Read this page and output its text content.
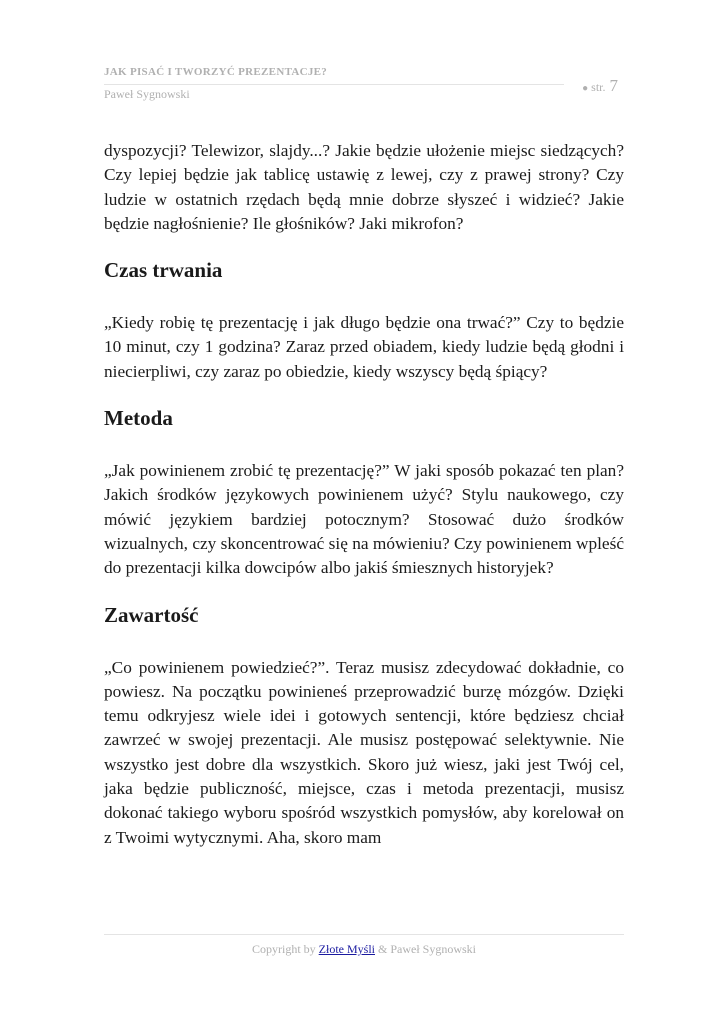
JAK PISAĆ I TWORZYĆ PREZENTACJE?
Paweł Sygnowski	● str. 7

dyspozycji? Telewizor, slajdy...? Jakie będzie ułożenie miejsc siedzących? Czy lepiej będzie jak tablicę ustawię z lewej, czy z prawej strony? Czy ludzie w ostatnich rzędach będą mnie dobrze słyszeć i widzieć? Jakie będzie nagłośnienie? Ile głośników? Jaki mikrofon?

Czas trwania

„Kiedy robię tę prezentację i jak długo będzie ona trwać?” Czy to będzie 10 minut, czy 1 godzina? Zaraz przed obiadem, kiedy ludzie będą głodni i niecierpliwi, czy zaraz po obiedzie, kiedy wszyscy będą śpiący?

Metoda

„Jak powinienem zrobić tę prezentację?” W jaki sposób pokazać ten plan? Jakich środków językowych powinienem użyć? Stylu naukowego, czy mówić językiem bardziej potocznym? Stosować dużo środków wizualnych, czy skoncentrować się na mówieniu? Czy powinienem wpleść do prezentacji kilka dowcipów albo jakiś śmiesznych historyjek?

Zawartość

„Co powinienem powiedzieć?”. Teraz musisz zdecydować dokładnie, co powiesz. Na początku powinieneś przeprowadzić burzę mózgów. Dzięki temu odkryjesz wiele idei i gotowych sentencji, które będziesz chciał zawrzeć w swojej prezentacji. Ale musisz postępować selektywnie. Nie wszystko jest dobre dla wszystkich. Skoro już wiesz, jaki jest Twój cel, jaka będzie publiczność, miejsce, czas i metoda prezentacji, musisz dokonać takiego wyboru spośród wszystkich pomysłów, aby korelował on z Twoimi wytycznymi. Aha, skoro mam

Copyright by Złote Myśli & Paweł Sygnowski
